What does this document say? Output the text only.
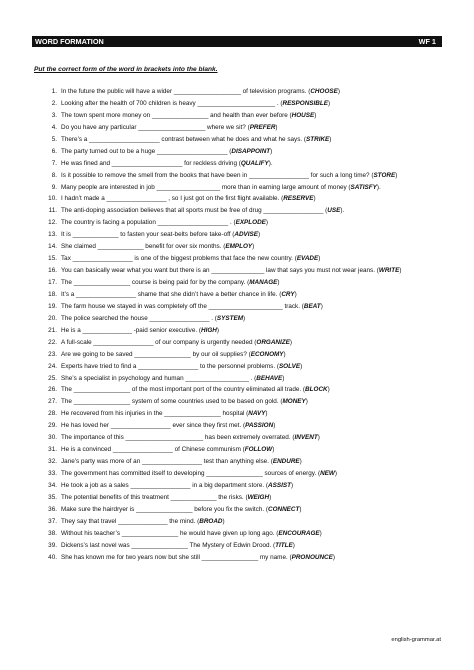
WORD FORMATION	WF 1
Put the correct form of the word in brackets into the blank.
1. In the future the public will have a wider ___________________ of television programs. (CHOOSE)
2. Looking after the health of 700 children is heavy ______________________ . (RESPONSIBLE)
3. The town spent more money on ________________ and health than ever before (HOUSE)
4. Do you have any particular ___________________ where we sit? (PREFER)
5. There’s a ____________________ contrast between what he does and what he says. (STRIKE)
6. The party turned out to be a huge ____________________ (DISAPPOINT)
7. He was fined and ____________________ for reckless driving (QUALIFY).
8. Is it possible to remove the smell from the books that have been in _________________ for such a long time? (STORE)
9. Many people are interested in job __________________ more than in earning large amount of money (SATISFY).
10. I hadn’t made a _________________ , so I just got on the first flight available. (RESERVE)
11. The anti-doping association believes that all sports must be free of drug _________________ (USE).
12. The country is facing a population ____________________ . (EXPLODE)
13. It is _____________ to fasten your seat-belts before take-off (ADVISE)
14. She claimed _____________ benefit for over six months. (EMPLOY)
15. Tax _________________ is one of the biggest problems that face the new country. (EVADE)
16. You can basically wear what you want but there is an _______________ law that says you must not wear jeans. (WRITE)
17. The ________________ course is being paid for by the company. (MANAGE)
18. It’s a _________________ shame that she didn’t have a better chance in life. (CRY)
19. The farm house we stayed in was completely off the _____________________ track. (BEAT)
20. The police searched the house _________________ . (SYSTEM)
21. He is a ______________ -paid senior executive. (HIGH)
22. A full-scale _________________ of our company is urgently needed (ORGANIZE)
23. Are we going to be saved ________________ by our oil supplies? (ECONOMY)
24. Experts have tried to find a _________________ to the personnel problems. (SOLVE)
25. She’s a specialist in psychology and human __________________ . (BEHAVE)
26. The ________________ of the most important port of the country eliminated all trade. (BLOCK)
27. The ________________ system of some countries used to be based on gold. (MONEY)
28. He recovered from his injuries in the ________________ hospital (NAVY)
29. He has loved her _________________ ever since they first met. (PASSION)
30. The importance of this ______________________ has been extremely overrated. (INVENT)
31. He is a convinced _________________ of Chinese communism (FOLLOW)
32. Jane’s party was more of an _________________ test than anything else. (ENDURE)
33. The government has committed itself to developing ________________ sources of energy. (NEW)
34. He took a job as a sales _________________ in a big department store. (ASSIST)
35. The potential benefits of this treatment _____________ the risks. (WEIGH)
36. Make sure the hairdryer is ________________ before you fix the switch. (CONNECT)
37. They say that travel ______________ the mind. (BROAD)
38. Without his teacher’s ________________ he would have given up long ago. (ENCOURAGE)
39. Dickens’s last novel was ________________ The Mystery of Edwin Drood. (TITLE)
40. She has known me for two years now but she still ________________ my name. (PRONOUNCE)
english-grammar.at
